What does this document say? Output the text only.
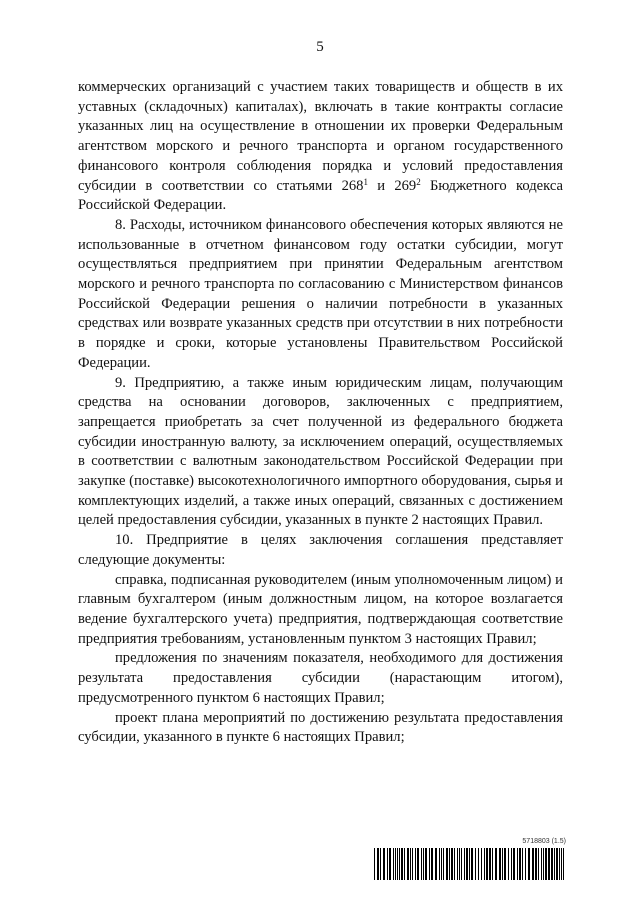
5

коммерческих организаций с участием таких товариществ и обществ в их уставных (складочных) капиталах), включать в такие контракты согласие указанных лиц на осуществление в отношении их проверки Федеральным агентством морского и речного транспорта и органом государственного финансового контроля соблюдения порядка и условий предоставления субсидии в соответствии со статьями $268^1$ и $269^2$ Бюджетного кодекса Российской Федерации.

8. Расходы, источником финансового обеспечения которых являются не использованные в отчетном финансовом году остатки субсидии, могут осуществляться предприятием при принятии Федеральным агентством морского и речного транспорта по согласованию с Министерством финансов Российской Федерации решения о наличии потребности в указанных средствах или возврате указанных средств при отсутствии в них потребности в порядке и сроки, которые установлены Правительством Российской Федерации.

9. Предприятию, а также иным юридическим лицам, получающим средства на основании договоров, заключенных с предприятием, запрещается приобретать за счет полученной из федерального бюджета субсидии иностранную валюту, за исключением операций, осуществляемых в соответствии с валютным законодательством Российской Федерации при закупке (поставке) высокотехнологичного импортного оборудования, сырья и комплектующих изделий, а также иных операций, связанных с достижением целей предоставления субсидии, указанных в пункте 2 настоящих Правил.

10. Предприятие в целях заключения соглашения представляет следующие документы:

справка, подписанная руководителем (иным уполномоченным лицом) и главным бухгалтером (иным должностным лицом, на которое возлагается ведение бухгалтерского учета) предприятия, подтверждающая соответствие предприятия требованиям, установленным пунктом 3 настоящих Правил;

предложения по значениям показателя, необходимого для достижения результата предоставления субсидии (нарастающим итогом), предусмотренного пунктом 6 настоящих Правил;

проект плана мероприятий по достижению результата предоставления субсидии, указанного в пункте 6 настоящих Правил;

5718803 (1.5)
